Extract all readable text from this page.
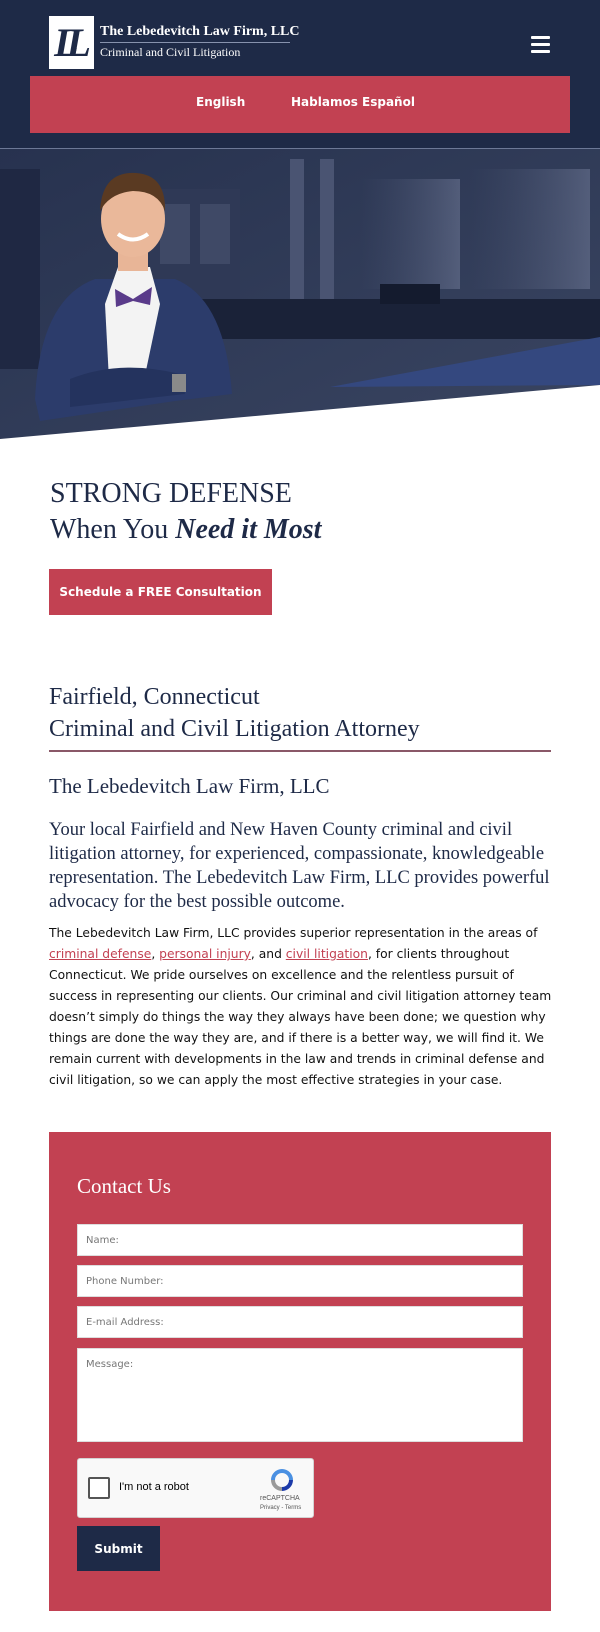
LL	The Lebedevitch Law Firm, LLC
Criminal and Civil Litigation
English	Hablamos Español
STRONG DEFENSE
When You Need it Most
Schedule a FREE Consultation
Fairfield, Connecticut
Criminal and Civil Litigation Attorney
The Lebedevitch Law Firm, LLC
Your local Fairfield and New Haven County criminal and civil litigation attorney, for experienced, compassionate, knowledgeable representation. The Lebedevitch Law Firm, LLC provides powerful advocacy for the best possible outcome.
The Lebedevitch Law Firm, LLC provides superior representation in the areas of criminal defense, personal injury, and civil litigation, for clients throughout Connecticut. We pride ourselves on excellence and the relentless pursuit of success in representing our clients. Our criminal and civil litigation attorney team doesn’t simply do things the way they always have been done; we question why things are done the way they are, and if there is a better way, we will find it. We remain current with developments in the law and trends in criminal defense and civil litigation, so we can apply the most effective strategies in your case.
Contact Us
Name:
Phone Number:
E-mail Address:
Message:
I'm not a robot
reCAPTCHA
Privacy - Terms
Submit
